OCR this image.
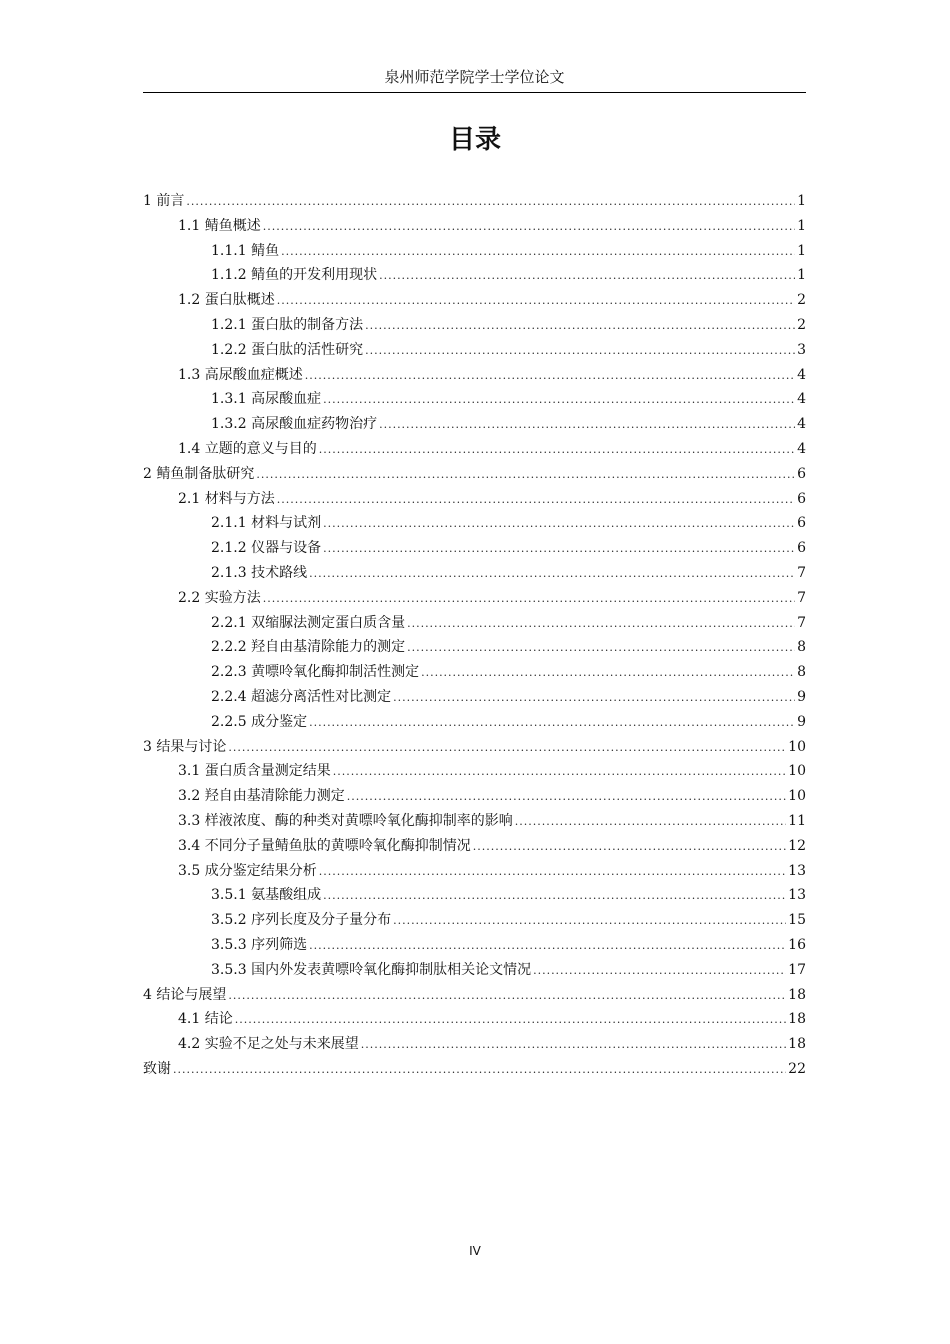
泉州师范学院学士学位论文
目录
1 前言 .....	1
1.1 鲭鱼概述 .....	1
1.1.1 鲭鱼 .....	1
1.1.2 鲭鱼的开发利用现状 .....	1
1.2 蛋白肽概述 .....	2
1.2.1 蛋白肽的制备方法 .....	2
1.2.2 蛋白肽的活性研究 .....	3
1.3 高尿酸血症概述 .....	4
1.3.1 高尿酸血症 .....	4
1.3.2 高尿酸血症药物治疗 .....	4
1.4 立题的意义与目的 .....	4
2 鲭鱼制备肽研究 .....	6
2.1 材料与方法 .....	6
2.1.1 材料与试剂 .....	6
2.1.2 仪器与设备 .....	6
2.1.3 技术路线 .....	7
2.2 实验方法 .....	7
2.2.1 双缩脲法测定蛋白质含量 .....	7
2.2.2 羟自由基清除能力的测定 .....	8
2.2.3 黄嘌呤氧化酶抑制活性测定 .....	8
2.2.4 超滤分离活性对比测定 .....	9
2.2.5 成分鉴定 .....	9
3 结果与讨论 .....	10
3.1 蛋白质含量测定结果 .....	10
3.2 羟自由基清除能力测定 .....	10
3.3 样液浓度、酶的种类对黄嘌呤氧化酶抑制率的影响 .....	11
3.4 不同分子量鲭鱼肽的黄嘌呤氧化酶抑制情况 .....	12
3.5 成分鉴定结果分析 .....	13
3.5.1 氨基酸组成 .....	13
3.5.2 序列长度及分子量分布 .....	15
3.5.3 序列筛选 .....	16
3.5.3 国内外发表黄嘌呤氧化酶抑制肽相关论文情况 .....	17
4 结论与展望 .....	18
4.1 结论 .....	18
4.2 实验不足之处与未来展望 .....	18
致谢 .....	22
IV
